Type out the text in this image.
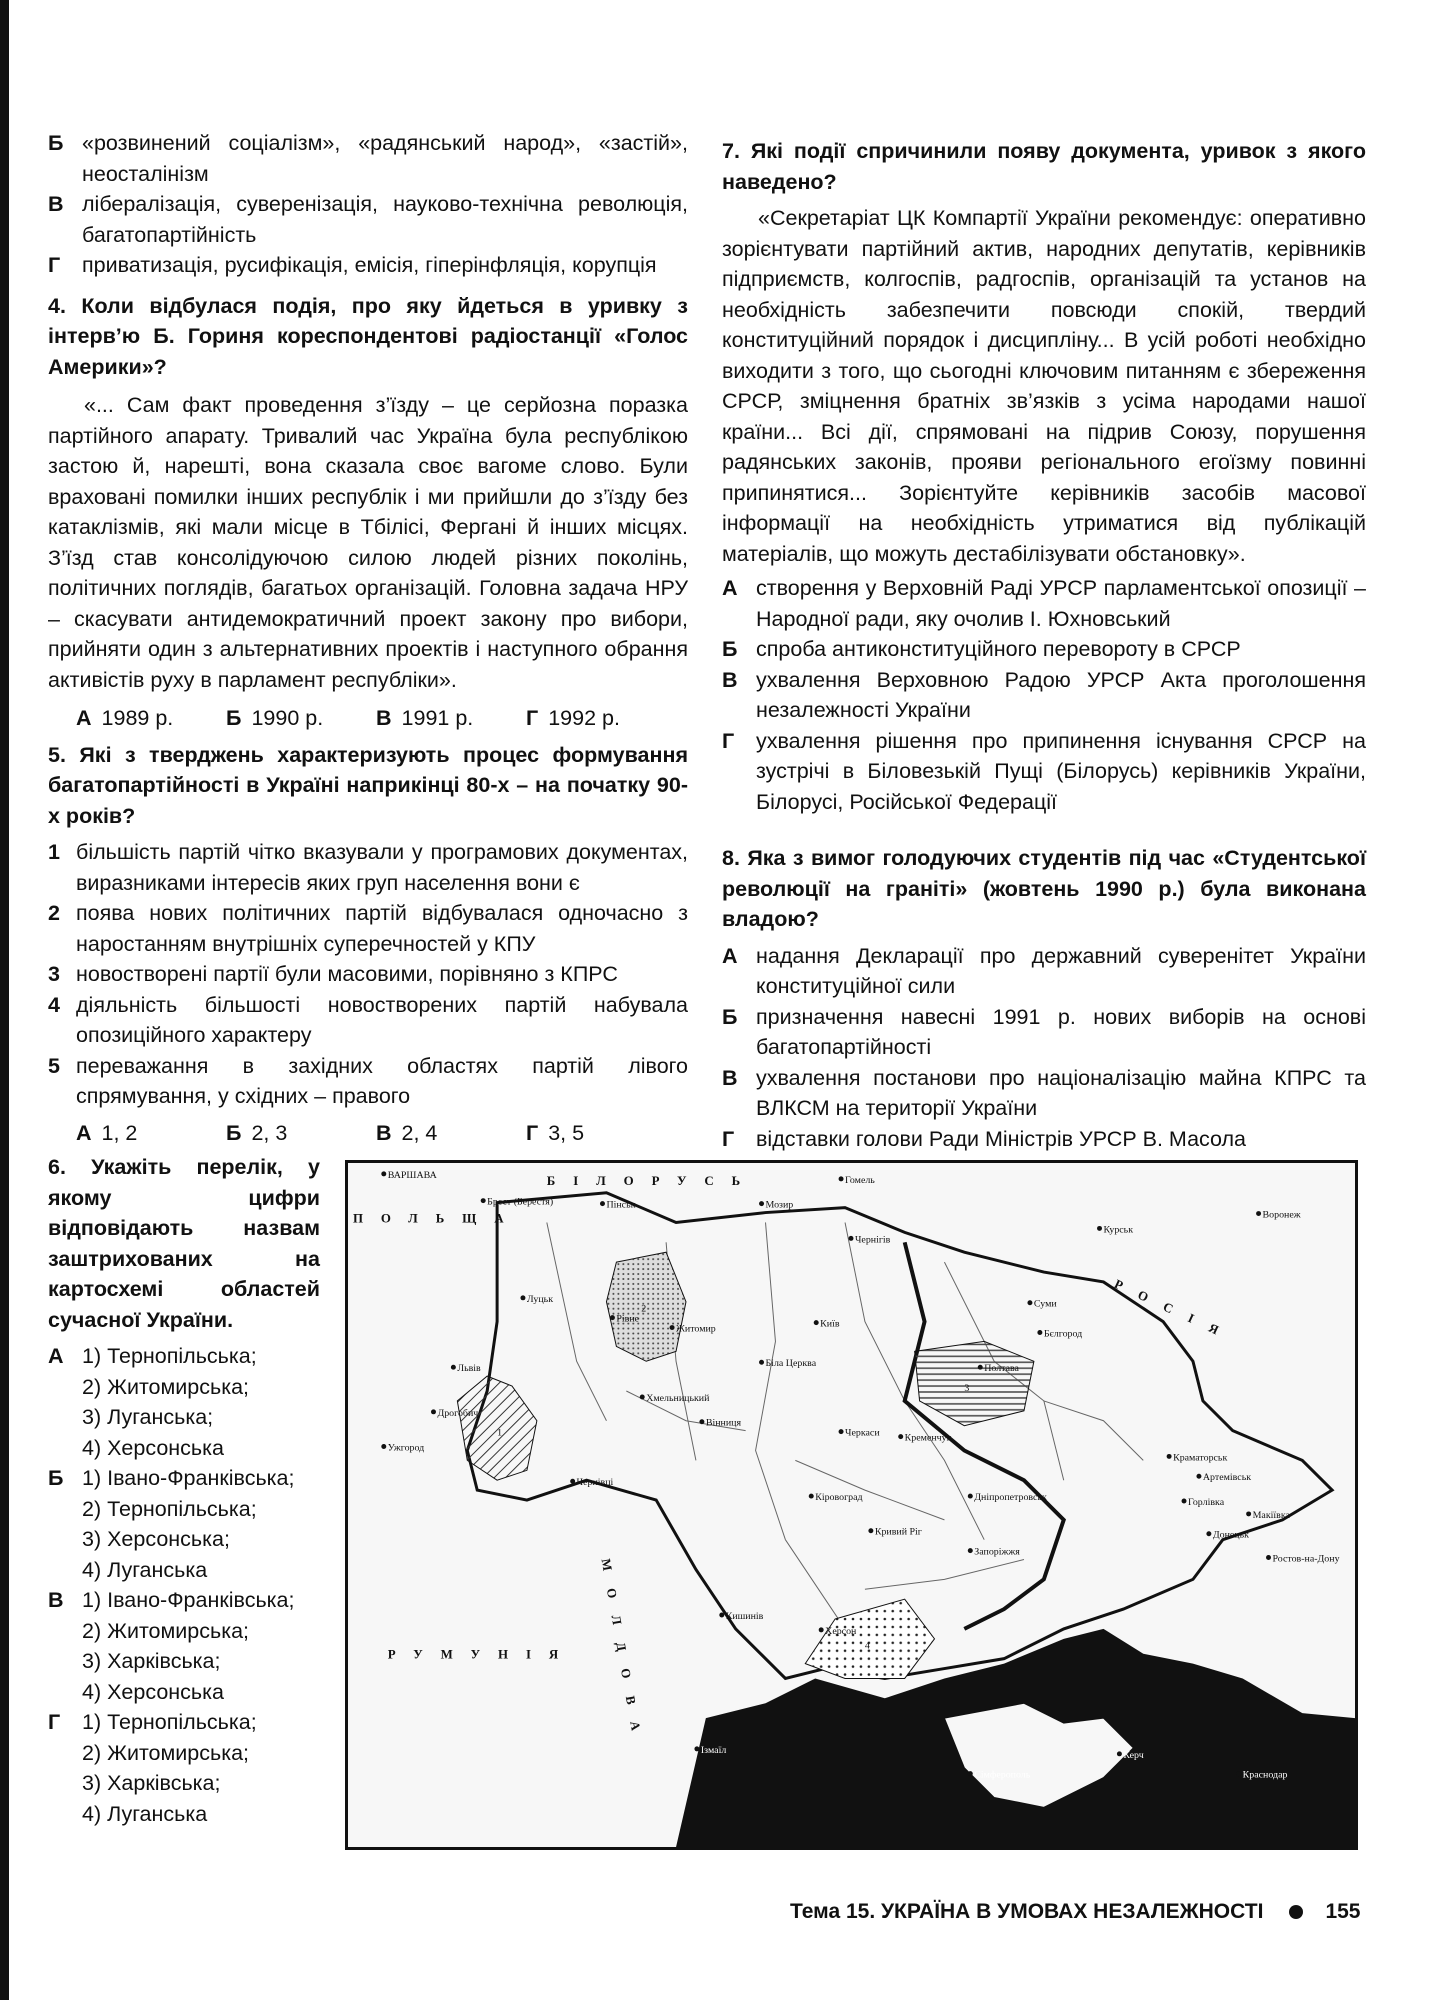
Б «розвинений соціалізм», «радянський народ», «застій», неосталінізм
В лібералізація, суверенізація, науково-технічна революція, багатопартійність
Г	приватизація, русифікація, емісія, гіперінфляція, корупція
4. Коли відбулася подія, про яку йдеться в уривку з інтерв’ю Б. Гориня кореспондентові радіостанції «Голос Америки»?
«... Сам факт проведення з’їзду – це серйозна поразка партійного апарату. Тривалий час Україна була республікою застою й, нарешті, вона сказала своє вагоме слово. Були враховані помилки інших республік і ми прийшли до з’їзду без катаклізмів, які мали місце в Тбілісі, Фергані й інших місцях. З’їзд став консолідуючою силою людей різних поколінь, політичних поглядів, багатьох організацій. Головна задача НРУ – скасувати антидемократичний проект закону про вибори, прийняти один з альтернативних проектів і наступного обрання активістів руху в парламент республіки».
А 1989 р.	Б 1990 р.	В 1991 р.	Г 1992 р.
5. Які з тверджень характеризують процес формування багатопартійності в Україні наприкінці 80-х – на початку 90-х років?
1 більшість партій чітко вказували у програмових документах, виразниками інтересів яких груп населення вони є
2 поява нових політичних партій відбувалася одночасно з наростанням внутрішніх суперечностей у КПУ
3 новостворені партії були масовими, порівняно з КПРС
4 діяльність більшості новостворених партій набувала опозиційного характеру
5 переважання в західних областях партій лівого спрямування, у східних – правого
А 1, 2	Б 2, 3	В 2, 4	Г 3, 5
6. Укажіть перелік, у якому цифри відповідають назвам заштрихованих на картосхемі областей сучасної України.
А 1) Тернопільська;
2) Житомирська;
3) Луганська;
4) Херсонська
Б 1) Івано-Франківська;
2) Тернопільська;
3) Херсонська;
4) Луганська
В 1) Івано-Франківська;
2) Житомирська;
3) Харківська;
4) Херсонська
Г	1) Тернопільська;
2) Житомирська;
3) Харківська;
4) Луганська
7. Які події спричинили появу документа, уривок з якого наведено?
«Секретаріат ЦК Компартії України рекомендує: оперативно зорієнтувати партійний актив, народних депутатів, керівників підприємств, колгоспів, радгоспів, організацій та установ на необхідність забезпечити повсюди спокій, твердий конституційний порядок і дисципліну... В усій роботі необхідно виходити з того, що сьогодні ключовим питанням є збереження СРСР, зміцнення братніх зв’язків з усіма народами нашої країни... Всі дії, спрямовані на підрив Союзу, порушення радянських законів, прояви регіонального егоїзму повинні припинятися... Зорієнтуйте керівників засобів масової інформації на необхідність утриматися від публікацій матеріалів, що можуть дестабілізувати обстановку».
А створення у Верховній Раді УРСР парламентської опозиції – Народної ради, яку очолив І. Юхновський
Б спроба антиконституційного перевороту в СРСР
В ухвалення Верховною Радою УРСР Акта проголошення незалежності України
Г	ухвалення рішення про припинення існування СРСР на зустрічі в Біловезькій Пущі (Білорусь) керівників України, Білорусі, Російської Федерації
8. Яка з вимог голодуючих студентів під час «Студентської революції на граніті» (жовтень 1990 р.) була виконана владою?
А надання Декларації про державний суверенітет України конституційної сили
Б призначення навесні 1991 р. нових виборів на основі багатопартійності
В ухвалення постанови про націоналізацію майна КПРС та ВЛКСМ на території України
Г	відставки голови Ради Міністрів УРСР В. Масола
1
2
3
4
ПОЛЬЩА
БІЛОРУСЬ
РОСІЯ
РУМУНІЯ МОЛДОВА
ВАРШАВА
Брест (Берестя)
Гомель
Пінськ	Мозир
Чернігів
Курськ
Воронеж
Суми
Бєлгород
Луцьк
Рівне
Житомир	Київ
Біла Церква	Полтава
Львів
Дрогобич
Хмельницький
Вінниця
Черкаси	Кременчук
Ужгород
Чернівці
Кіровоград	Дніпропетровськ
Краматорськ
Артемівськ
Горлівка
Макіївка
Донецьк
Кривий Ріг
Запоріжжя
Ростов-на-Дону
Кишинів
Херсон
Ізмаїл
Сімферополь
Керч
Краснодар
Тема 15. УКРАЇНА В УМОВАХ НЕЗАЛЕЖНОСТІ	155
